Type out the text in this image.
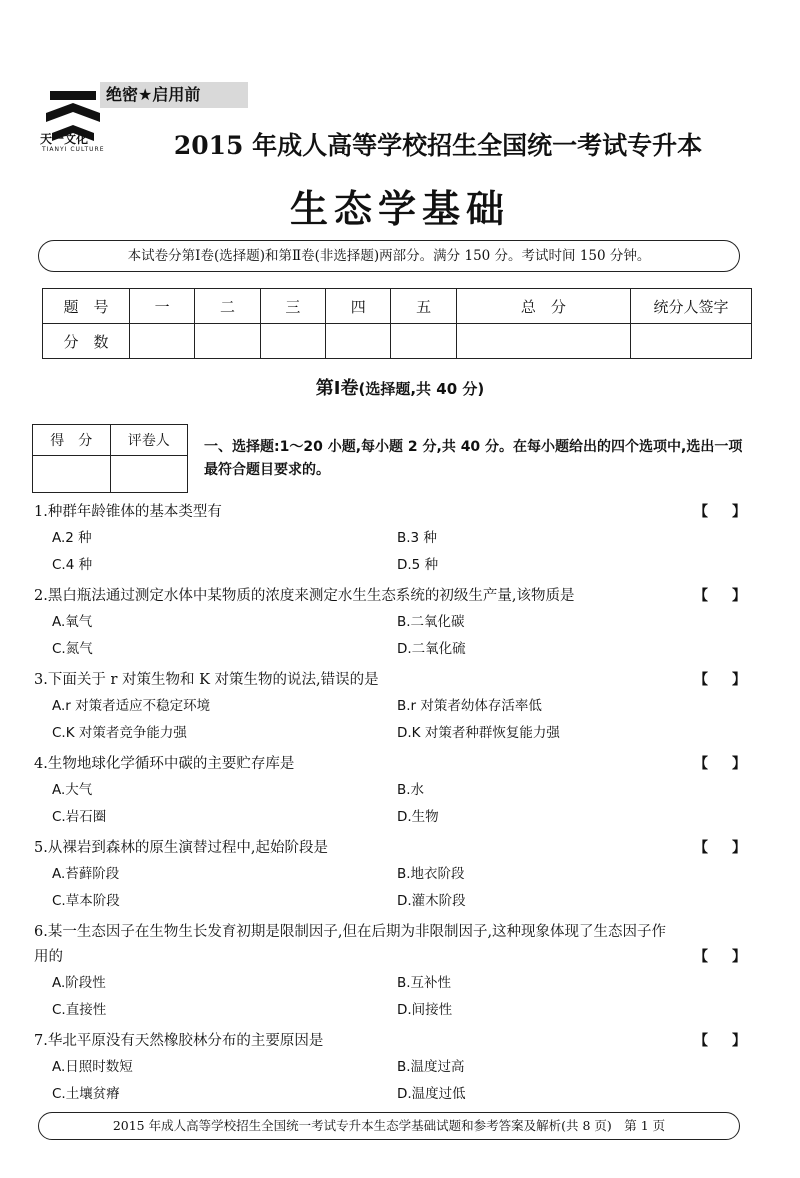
天一文化
TIANYI CULTURE
绝密★启用前
2015 年成人高等学校招生全国统一考试专升本
生态学基础
本试卷分第Ⅰ卷(选择题)和第Ⅱ卷(非选择题)两部分。满分 150 分。考试时间 150 分钟。
题　号	一	二	三	四	五	总　分	统分人签字
分　数							
第Ⅰ卷(选择题,共 40 分)
得　分	评卷人
	一、选择题:1～20 小题,每小题 2 分,共 40 分。在每小题给出的四个选项中,选出一项最符合题目要求的。
1.种群年龄锥体的基本类型有	【】
A.2 种	B.3 种
C.4 种	D.5 种
2.黑白瓶法通过测定水体中某物质的浓度来测定水生生态系统的初级生产量,该物质是	【】
A.氧气	B.二氧化碳
C.氮气	D.二氧化硫
3.下面关于 r 对策生物和 K 对策生物的说法,错误的是	【】
A.r 对策者适应不稳定环境	B.r 对策者幼体存活率低
C.K 对策者竞争能力强	D.K 对策者种群恢复能力强
4.生物地球化学循环中碳的主要贮存库是	【】
A.大气	B.水
C.岩石圈	D.生物
5.从裸岩到森林的原生演替过程中,起始阶段是	【】
A.苔藓阶段	B.地衣阶段
C.草本阶段	D.灌木阶段
6.某一生态因子在生物生长发育初期是限制因子,但在后期为非限制因子,这种现象体现了生态因子作用的	【】
A.阶段性	B.互补性
C.直接性	D.间接性
7.华北平原没有天然橡胶林分布的主要原因是	【】
A.日照时数短	B.温度过高
C.土壤贫瘠	D.温度过低
2015 年成人高等学校招生全国统一考试专升本生态学基础试题和参考答案及解析(共 8 页)　第 1 页
